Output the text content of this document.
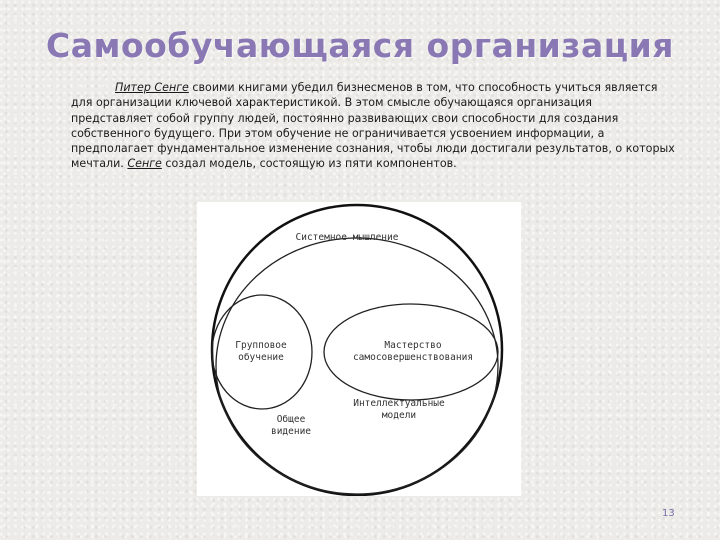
Самообучающаяся организация
Питер Сенге своими книгами убедил бизнесменов в том, что способность учиться является
для организации ключевой характеристикой. В этом смысле обучающаяся организация
представляет собой группу людей, постоянно развивающих свои способности для создания
собственного будущего. При этом обучение не ограничивается усвоением информации, а
предполагает фундаментальное изменение сознания, чтобы люди достигали результатов, о которых
мечтали. Сенге создал модель, состоящую из пяти компонентов.
Системное мышление
Групповое
обучение
Мастерство
самосовершенствования
Интеллектуальные
модели
Общее
видение
13
